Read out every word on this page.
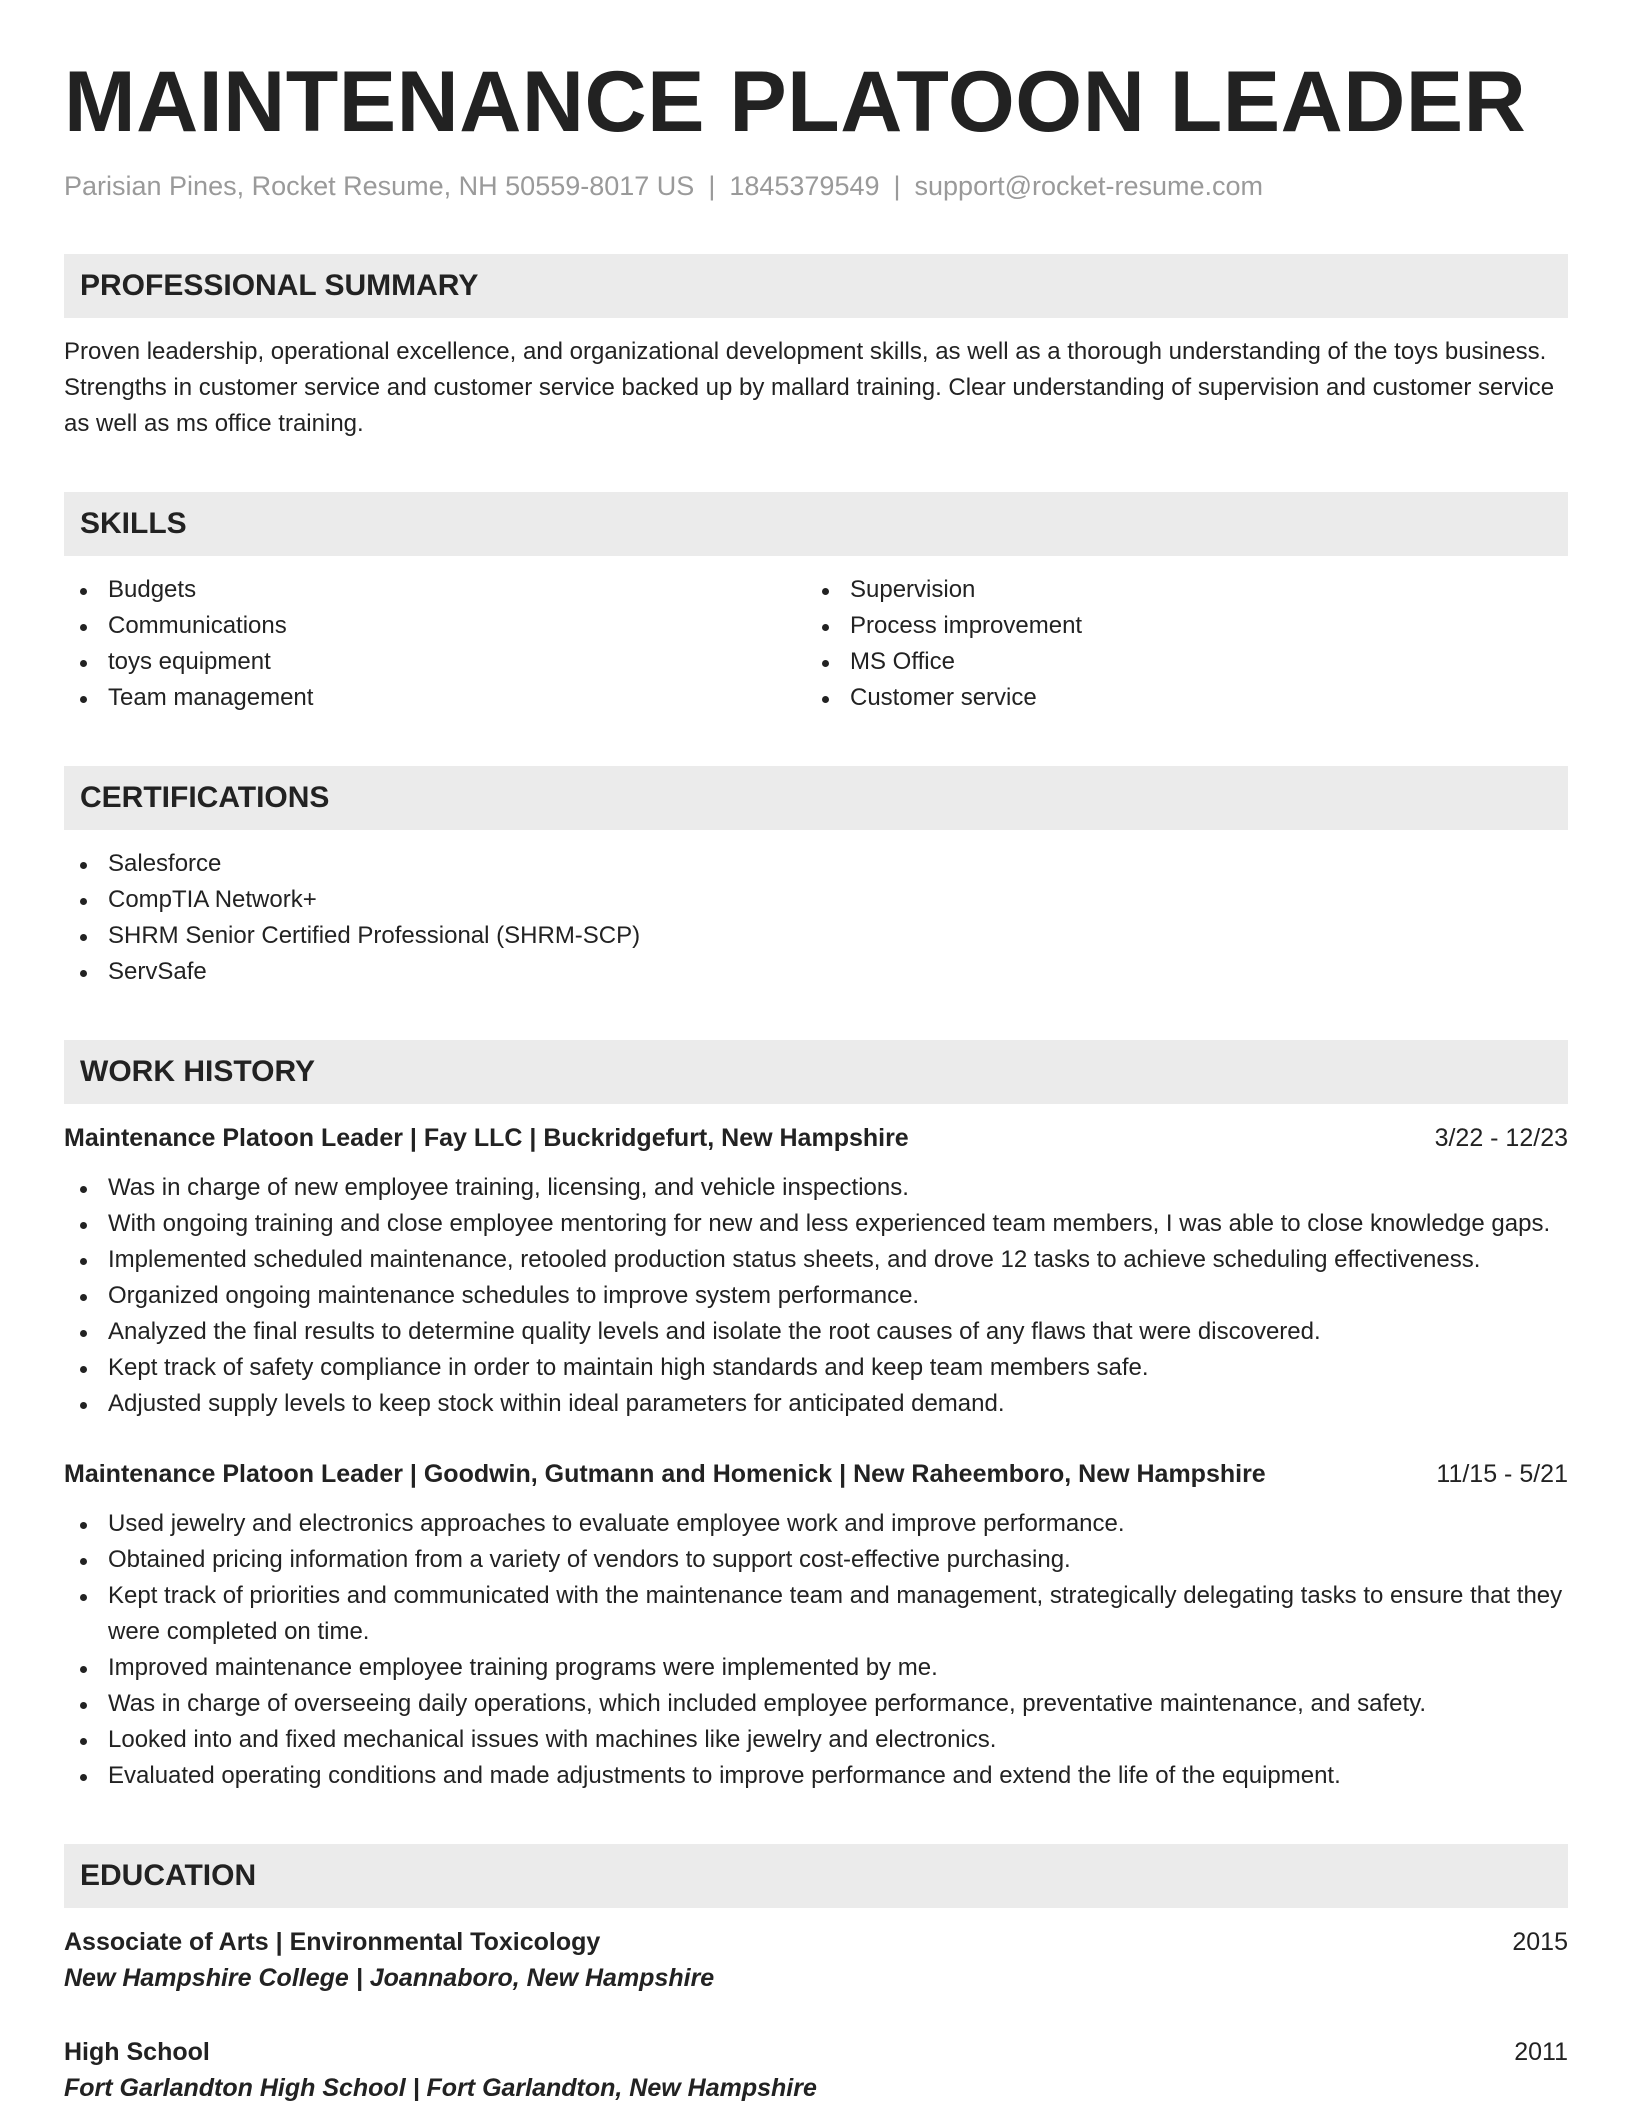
MAINTENANCE PLATOON LEADER
Parisian Pines, Rocket Resume, NH 50559-8017 US | 1845379549 | support@rocket-resume.com
PROFESSIONAL SUMMARY
Proven leadership, operational excellence, and organizational development skills, as well as a thorough understanding of the toys business. Strengths in customer service and customer service backed up by mallard training. Clear understanding of supervision and customer service as well as ms office training.
SKILLS
Budgets
Communications
toys equipment
Team management
Supervision
Process improvement
MS Office
Customer service
CERTIFICATIONS
Salesforce
CompTIA Network+
SHRM Senior Certified Professional (SHRM-SCP)
ServSafe
WORK HISTORY
Maintenance Platoon Leader | Fay LLC | Buckridgefurt, New Hampshire	3/22 - 12/23
Was in charge of new employee training, licensing, and vehicle inspections.
With ongoing training and close employee mentoring for new and less experienced team members, I was able to close knowledge gaps.
Implemented scheduled maintenance, retooled production status sheets, and drove 12 tasks to achieve scheduling effectiveness.
Organized ongoing maintenance schedules to improve system performance.
Analyzed the final results to determine quality levels and isolate the root causes of any flaws that were discovered.
Kept track of safety compliance in order to maintain high standards and keep team members safe.
Adjusted supply levels to keep stock within ideal parameters for anticipated demand.
Maintenance Platoon Leader | Goodwin, Gutmann and Homenick | New Raheemboro, New Hampshire	11/15 - 5/21
Used jewelry and electronics approaches to evaluate employee work and improve performance.
Obtained pricing information from a variety of vendors to support cost-effective purchasing.
Kept track of priorities and communicated with the maintenance team and management, strategically delegating tasks to ensure that they were completed on time.
Improved maintenance employee training programs were implemented by me.
Was in charge of overseeing daily operations, which included employee performance, preventative maintenance, and safety.
Looked into and fixed mechanical issues with machines like jewelry and electronics.
Evaluated operating conditions and made adjustments to improve performance and extend the life of the equipment.
EDUCATION
Associate of Arts | Environmental Toxicology	2015
New Hampshire College | Joannaboro, New Hampshire
High School	2011
Fort Garlandton High School | Fort Garlandton, New Hampshire
